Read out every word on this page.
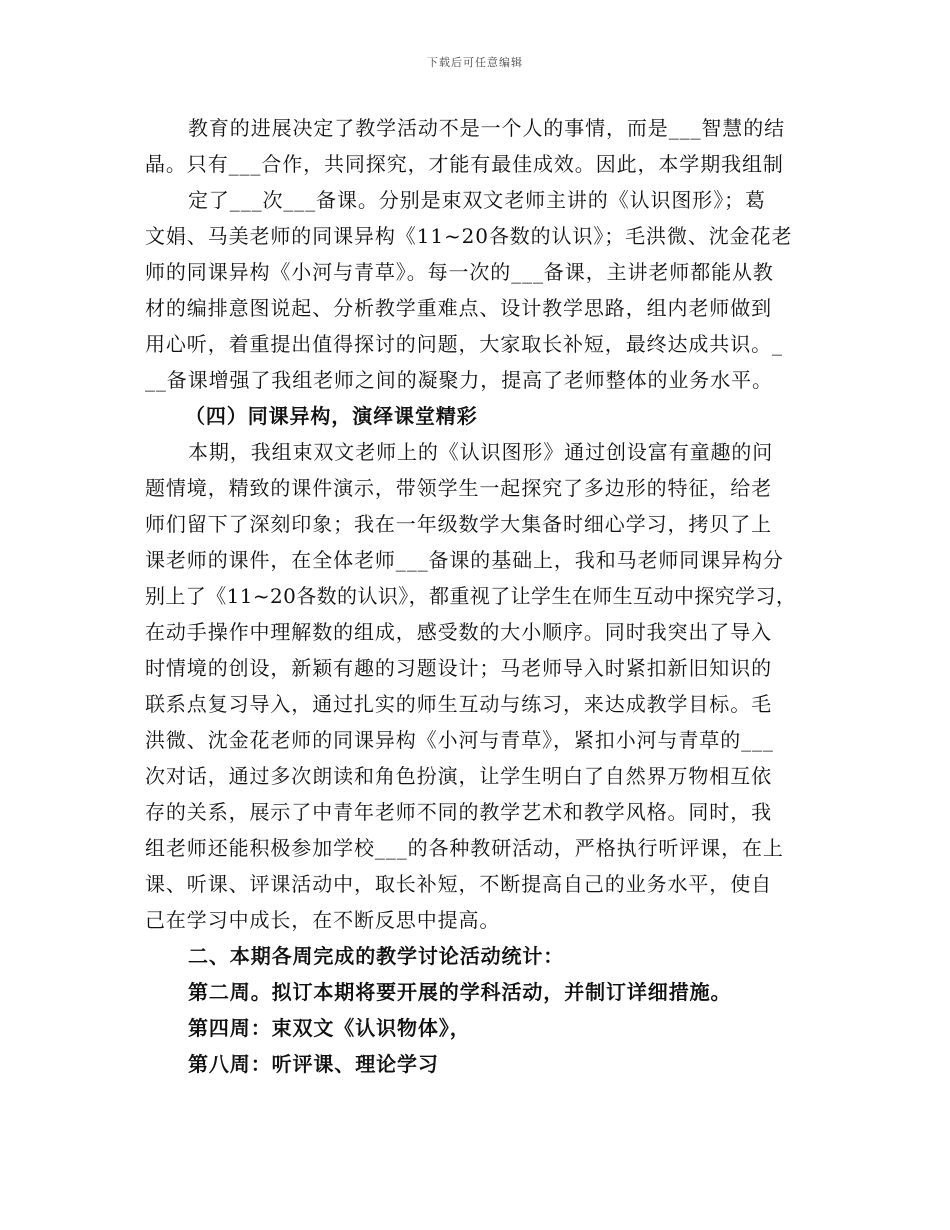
下载后可任意编辑
教育的进展决定了教学活动不是一个人的事情，而是___智慧的结
晶。只有___合作，共同探究，才能有最佳成效。因此，本学期我组制
定了___次___备课。分别是束双文老师主讲的《认识图形》；葛
文娟、马美老师的同课异构《11~20各数的认识》；毛洪微、沈金花老
师的同课异构《小河与青草》。每一次的___备课，主讲老师都能从教
材的编排意图说起、分析教学重难点、设计教学思路，组内老师做到
用心听，着重提出值得探讨的问题，大家取长补短，最终达成共识。_
__备课增强了我组老师之间的凝聚力，提高了老师整体的业务水平。
（四）同课异构，演绎课堂精彩
本期，我组束双文老师上的《认识图形》通过创设富有童趣的问
题情境，精致的课件演示，带领学生一起探究了多边形的特征，给老
师们留下了深刻印象；我在一年级数学大集备时细心学习，拷贝了上
课老师的课件，在全体老师___备课的基础上，我和马老师同课异构分
别上了《11~20各数的认识》，都重视了让学生在师生互动中探究学习，
在动手操作中理解数的组成，感受数的大小顺序。同时我突出了导入
时情境的创设，新颖有趣的习题设计；马老师导入时紧扣新旧知识的
联系点复习导入，通过扎实的师生互动与练习，来达成教学目标。毛
洪微、沈金花老师的同课异构《小河与青草》，紧扣小河与青草的___
次对话，通过多次朗读和角色扮演，让学生明白了自然界万物相互依
存的关系，展示了中青年老师不同的教学艺术和教学风格。同时，我
组老师还能积极参加学校___的各种教研活动，严格执行听评课，在上
课、听课、评课活动中，取长补短，不断提高自己的业务水平，使自
己在学习中成长，在不断反思中提高。
二、本期各周完成的教学讨论活动统计：
第二周。拟订本期将要开展的学科活动，并制订详细措施。
第四周：束双文《认识物体》，
第八周：听评课、理论学习
